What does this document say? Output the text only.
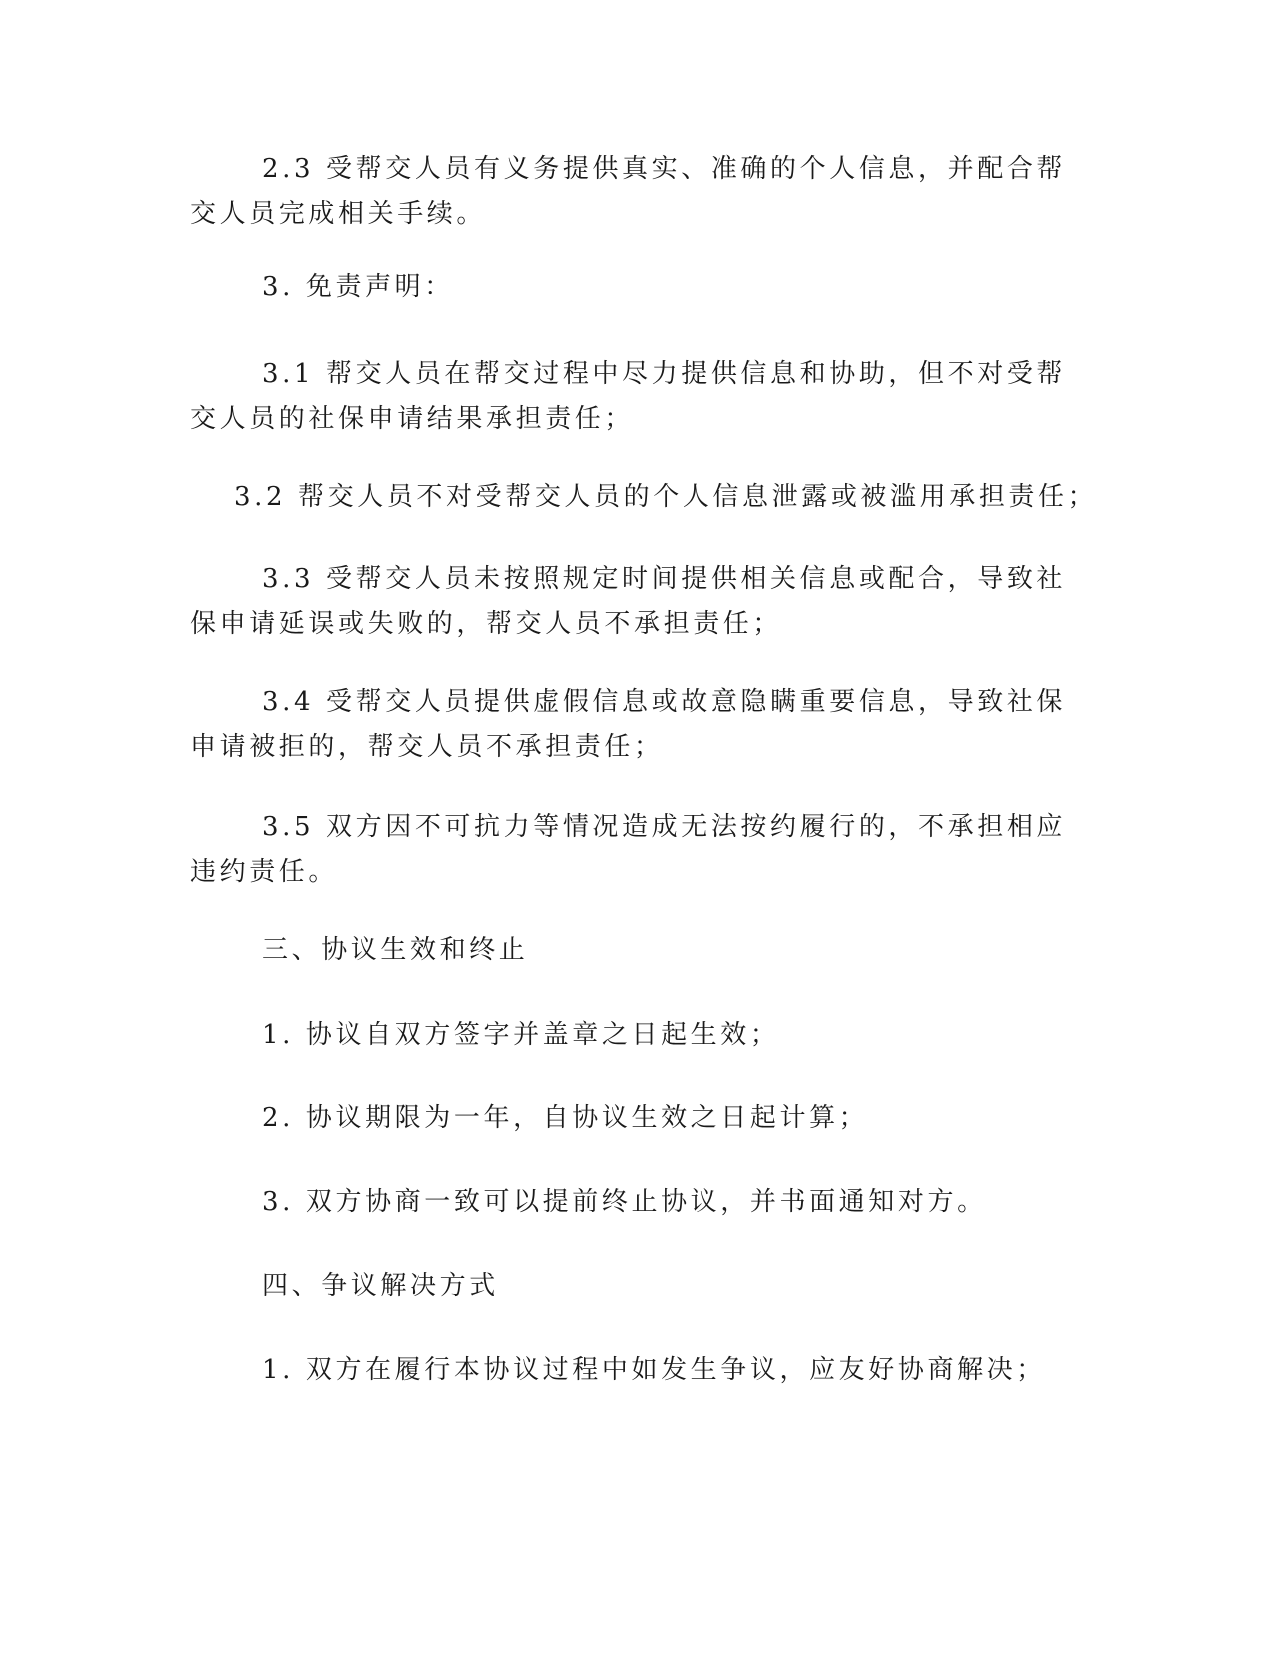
2.3 受帮交人员有义务提供真实、准确的个人信息，并配合帮交人员完成相关手续。

3. 免责声明：

3.1 帮交人员在帮交过程中尽力提供信息和协助，但不对受帮交人员的社保申请结果承担责任；

3.2 帮交人员不对受帮交人员的个人信息泄露或被滥用承担责任；

3.3 受帮交人员未按照规定时间提供相关信息或配合，导致社保申请延误或失败的，帮交人员不承担责任；

3.4 受帮交人员提供虚假信息或故意隐瞒重要信息，导致社保申请被拒的，帮交人员不承担责任；

3.5 双方因不可抗力等情况造成无法按约履行的，不承担相应违约责任。

三、协议生效和终止

1. 协议自双方签字并盖章之日起生效；

2. 协议期限为一年，自协议生效之日起计算；

3. 双方协商一致可以提前终止协议，并书面通知对方。

四、争议解决方式

1. 双方在履行本协议过程中如发生争议，应友好协商解决；
